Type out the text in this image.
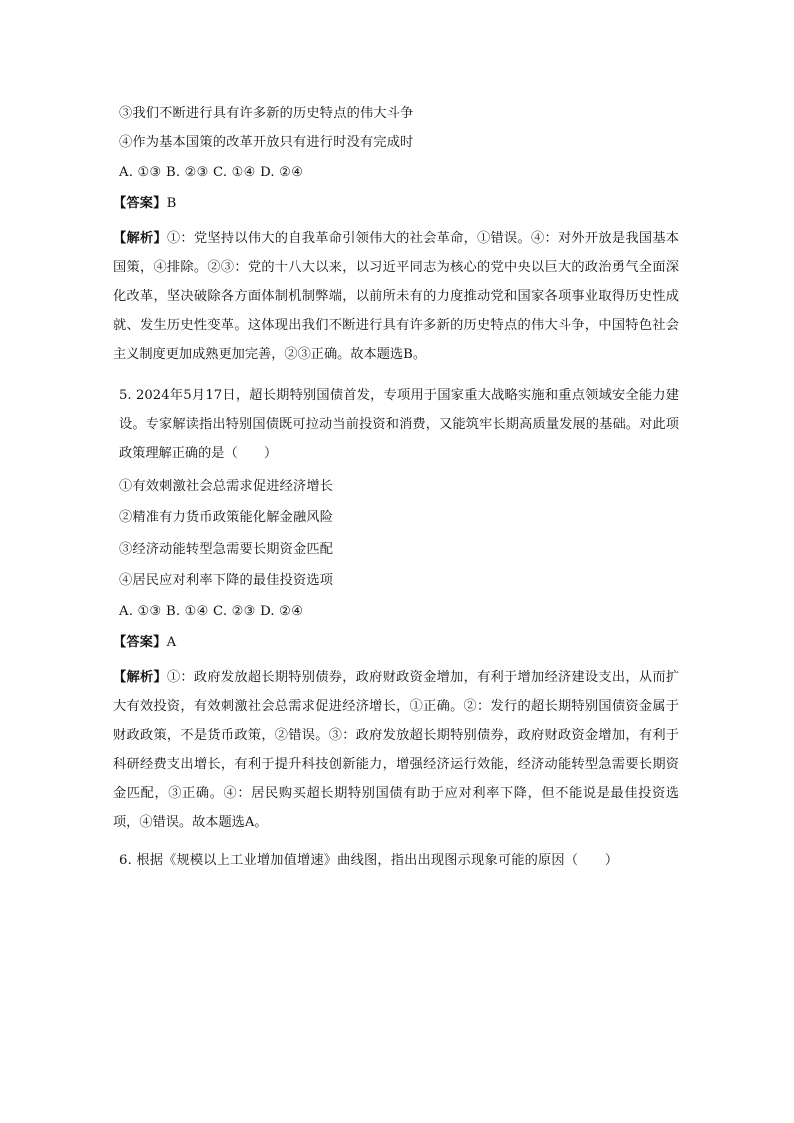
③我们不断进行具有许多新的历史特点的伟大斗争
④作为基本国策的改革开放只有进行时没有完成时
A. ①③ B. ②③ C. ①④ D. ②④
【答案】B
【解析】①：党坚持以伟大的自我革命引领伟大的社会革命，①错误。④：对外开放是我国基本国策，④排除。②③：党的十八大以来，以习近平同志为核心的党中央以巨大的政治勇气全面深化改革，坚决破除各方面体制机制弊端，以前所未有的力度推动党和国家各项事业取得历史性成就、发生历史性变革。这体现出我们不断进行具有许多新的历史特点的伟大斗争，中国特色社会主义制度更加成熟更加完善，②③正确。故本题选B。
5. 2024年5月17日，超长期特别国债首发，专项用于国家重大战略实施和重点领域安全能力建设。专家解读指出特别国债既可拉动当前投资和消费，又能筑牢长期高质量发展的基础。对此项政策理解正确的是（　　）
①有效刺激社会总需求促进经济增长
②精准有力货币政策能化解金融风险
③经济动能转型急需要长期资金匹配
④居民应对利率下降的最佳投资选项
A. ①③ B. ①④ C. ②③ D. ②④
【答案】A
【解析】①：政府发放超长期特别债券，政府财政资金增加，有利于增加经济建设支出，从而扩大有效投资，有效刺激社会总需求促进经济增长，①正确。②：发行的超长期特别国债资金属于财政政策，不是货币政策，②错误。③：政府发放超长期特别债券，政府财政资金增加，有利于科研经费支出增长，有利于提升科技创新能力，增强经济运行效能，经济动能转型急需要长期资金匹配，③正确。④：居民购买超长期特别国债有助于应对利率下降，但不能说是最佳投资选项，④错误。故本题选A。
6. 根据《规模以上工业增加值增速》曲线图，指出出现图示现象可能的原因（　　）
